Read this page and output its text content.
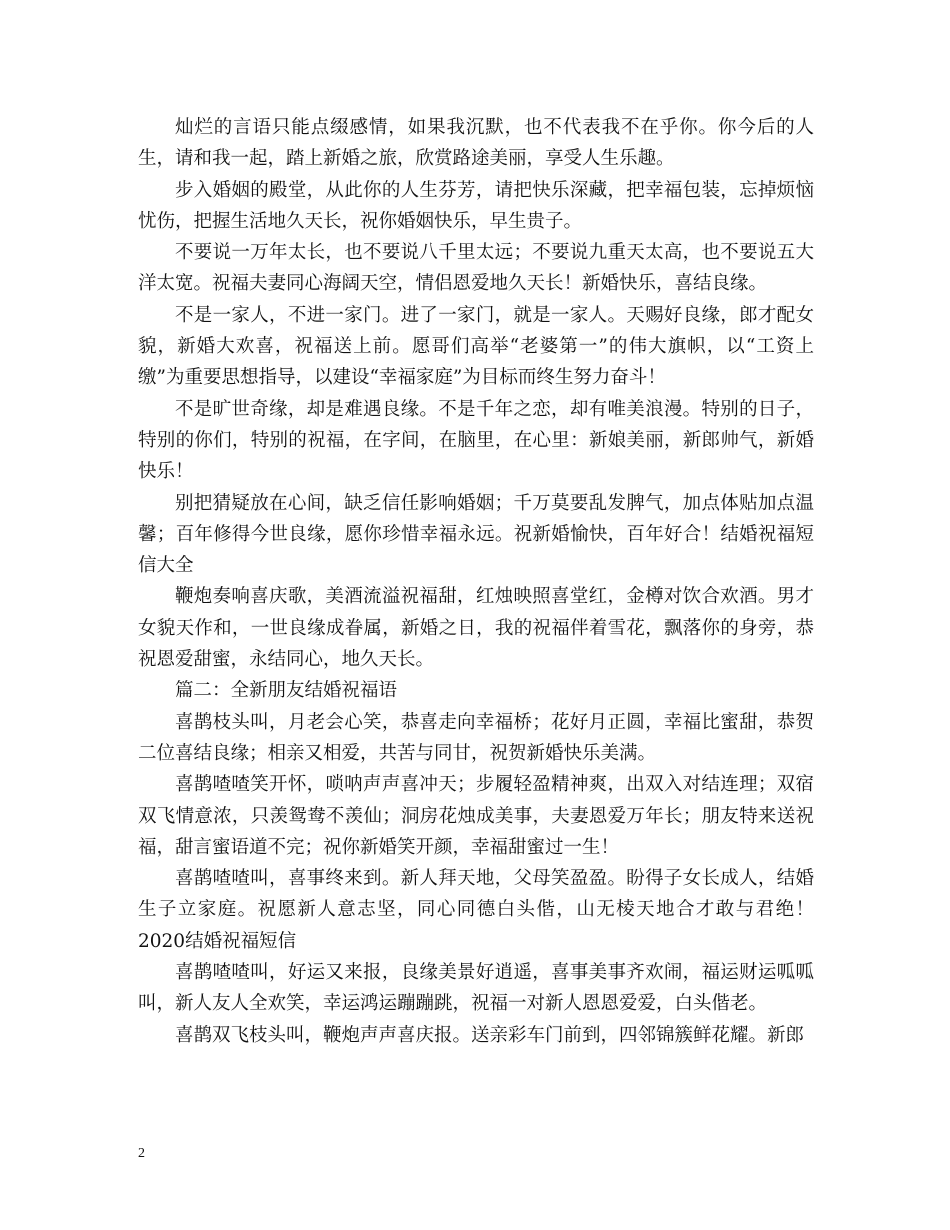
灿烂的言语只能点缀感情，如果我沉默，也不代表我不在乎你。你今后的人生，请和我一起，踏上新婚之旅，欣赏路途美丽，享受人生乐趣。

步入婚姻的殿堂，从此你的人生芬芳，请把快乐深藏，把幸福包装，忘掉烦恼忧伤，把握生活地久天长，祝你婚姻快乐，早生贵子。

不要说一万年太长，也不要说八千里太远；不要说九重天太高，也不要说五大洋太宽。祝福夫妻同心海阔天空，情侣恩爱地久天长！新婚快乐，喜结良缘。

不是一家人，不进一家门。进了一家门，就是一家人。天赐好良缘，郎才配女貌，新婚大欢喜，祝福送上前。愿哥们高举“老婆第一”的伟大旗帜，以“工资上缴”为重要思想指导，以建设“幸福家庭”为目标而终生努力奋斗！

不是旷世奇缘，却是难遇良缘。不是千年之恋，却有唯美浪漫。特别的日子，特别的你们，特别的祝福，在字间，在脑里，在心里：新娘美丽，新郎帅气，新婚快乐！

别把猜疑放在心间，缺乏信任影响婚姻；千万莫要乱发脾气，加点体贴加点温馨；百年修得今世良缘，愿你珍惜幸福永远。祝新婚愉快，百年好合！结婚祝福短信大全

鞭炮奏响喜庆歌，美酒流溢祝福甜，红烛映照喜堂红，金樽对饮合欢酒。男才女貌天作和，一世良缘成眷属，新婚之日，我的祝福伴着雪花，飘落你的身旁，恭祝恩爱甜蜜，永结同心，地久天长。

篇二：全新朋友结婚祝福语

喜鹊枝头叫，月老会心笑，恭喜走向幸福桥；花好月正圆，幸福比蜜甜，恭贺二位喜结良缘；相亲又相爱，共苦与同甘，祝贺新婚快乐美满。

喜鹊喳喳笑开怀，唢呐声声喜冲天；步履轻盈精神爽，出双入对结连理；双宿双飞情意浓，只羡鸳鸯不羡仙；洞房花烛成美事，夫妻恩爱万年长；朋友特来送祝福，甜言蜜语道不完；祝你新婚笑开颜，幸福甜蜜过一生！

喜鹊喳喳叫，喜事终来到。新人拜天地，父母笑盈盈。盼得子女长成人，结婚生子立家庭。祝愿新人意志坚，同心同德白头偕，山无棱天地合才敢与君绝！2020结婚祝福短信

喜鹊喳喳叫，好运又来报，良缘美景好逍遥，喜事美事齐欢闹，福运财运呱呱叫，新人友人全欢笑，幸运鸿运蹦蹦跳，祝福一对新人恩恩爱爱，白头偕老。

喜鹊双飞枝头叫，鞭炮声声喜庆报。送亲彩车门前到，四邻锦簇鲜花耀。新郎

2
